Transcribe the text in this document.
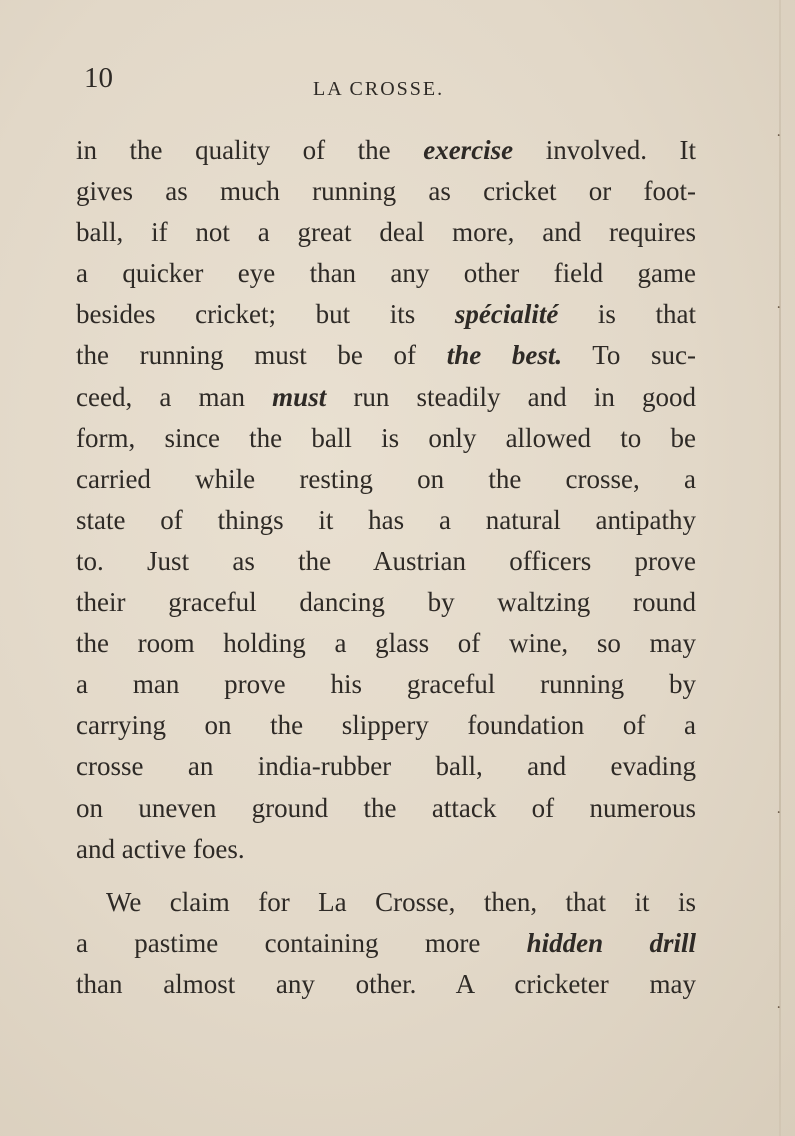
10	LA CROSSE.
in the quality of the exercise involved. It
gives as much running as cricket or foot-
ball, if not a great deal more, and requires
a quicker eye than any other field game
besides cricket; but its spécialité is that
the running must be of the best. To suc-
ceed, a man must run steadily and in good
form, since the ball is only allowed to be
carried while resting on the crosse, a
state of things it has a natural antipathy
to. Just as the Austrian officers prove
their graceful dancing by waltzing round
the room holding a glass of wine, so may
a man prove his graceful running by
carrying on the slippery foundation of a
crosse an india-rubber ball, and evading
on uneven ground the attack of numerous
and active foes.
We claim for La Crosse, then, that it is
a pastime containing more hidden drill
than almost any other. A cricketer may
·
·
·
·
